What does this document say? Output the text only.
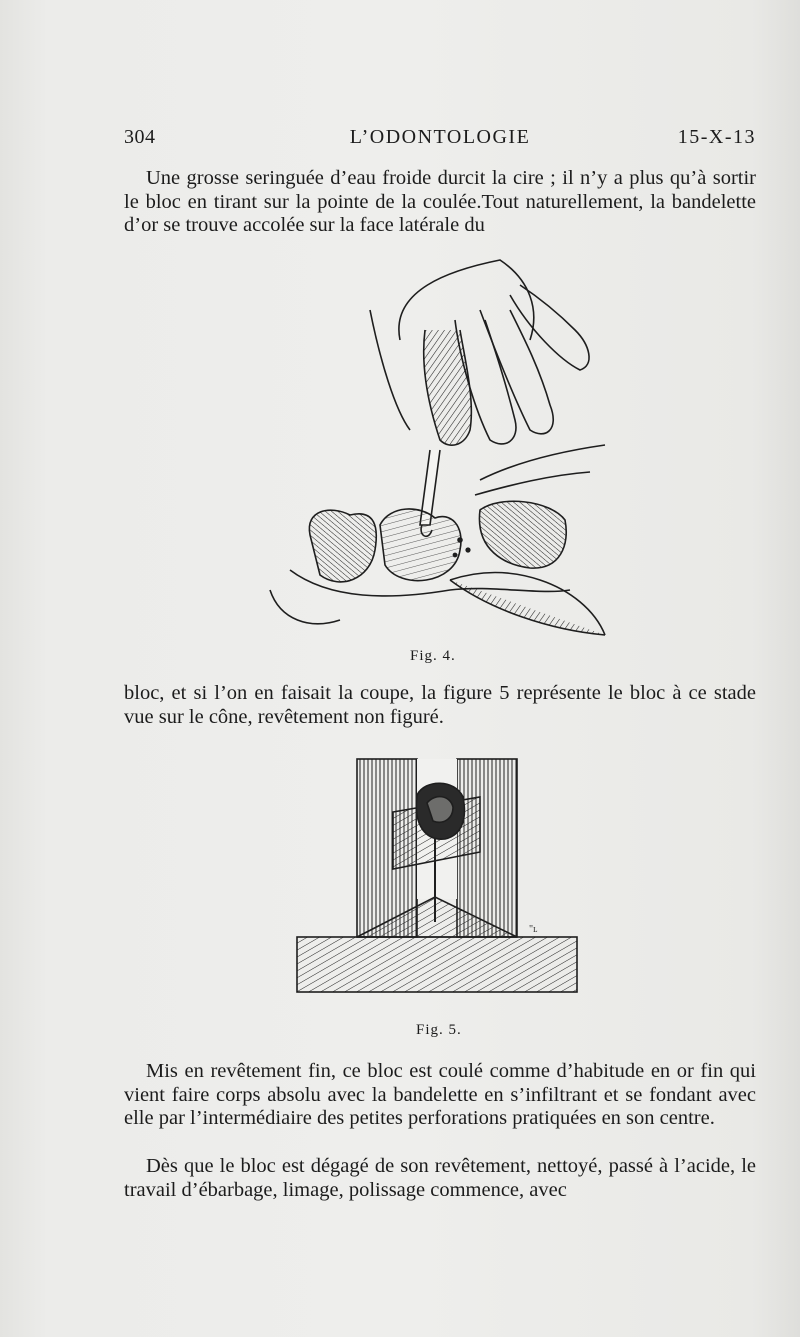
304	L’ODONTOLOGIE	15-X-13

Une grosse seringuée d’eau froide durcit la cire ; il n’y a plus qu’à sortir le bloc en tirant sur la pointe de la coulée.Tout naturellement, la bandelette d’or se trouve accolée sur la face latérale du

Fig. 4.

bloc, et si l’on en faisait la coupe, la figure 5 représente le bloc à ce stade vue sur le cône, revêtement non figuré.

"ʟ
Fig. 5.

Mis en revêtement fin, ce bloc est coulé comme d’habitude en or fin qui vient faire corps absolu avec la bandelette en s’infiltrant et se fondant avec elle par l’intermédiaire des petites perforations pratiquées en son centre.

Dès que le bloc est dégagé de son revêtement, nettoyé, passé à l’acide, le travail d’ébarbage, limage, polissage commence, avec
